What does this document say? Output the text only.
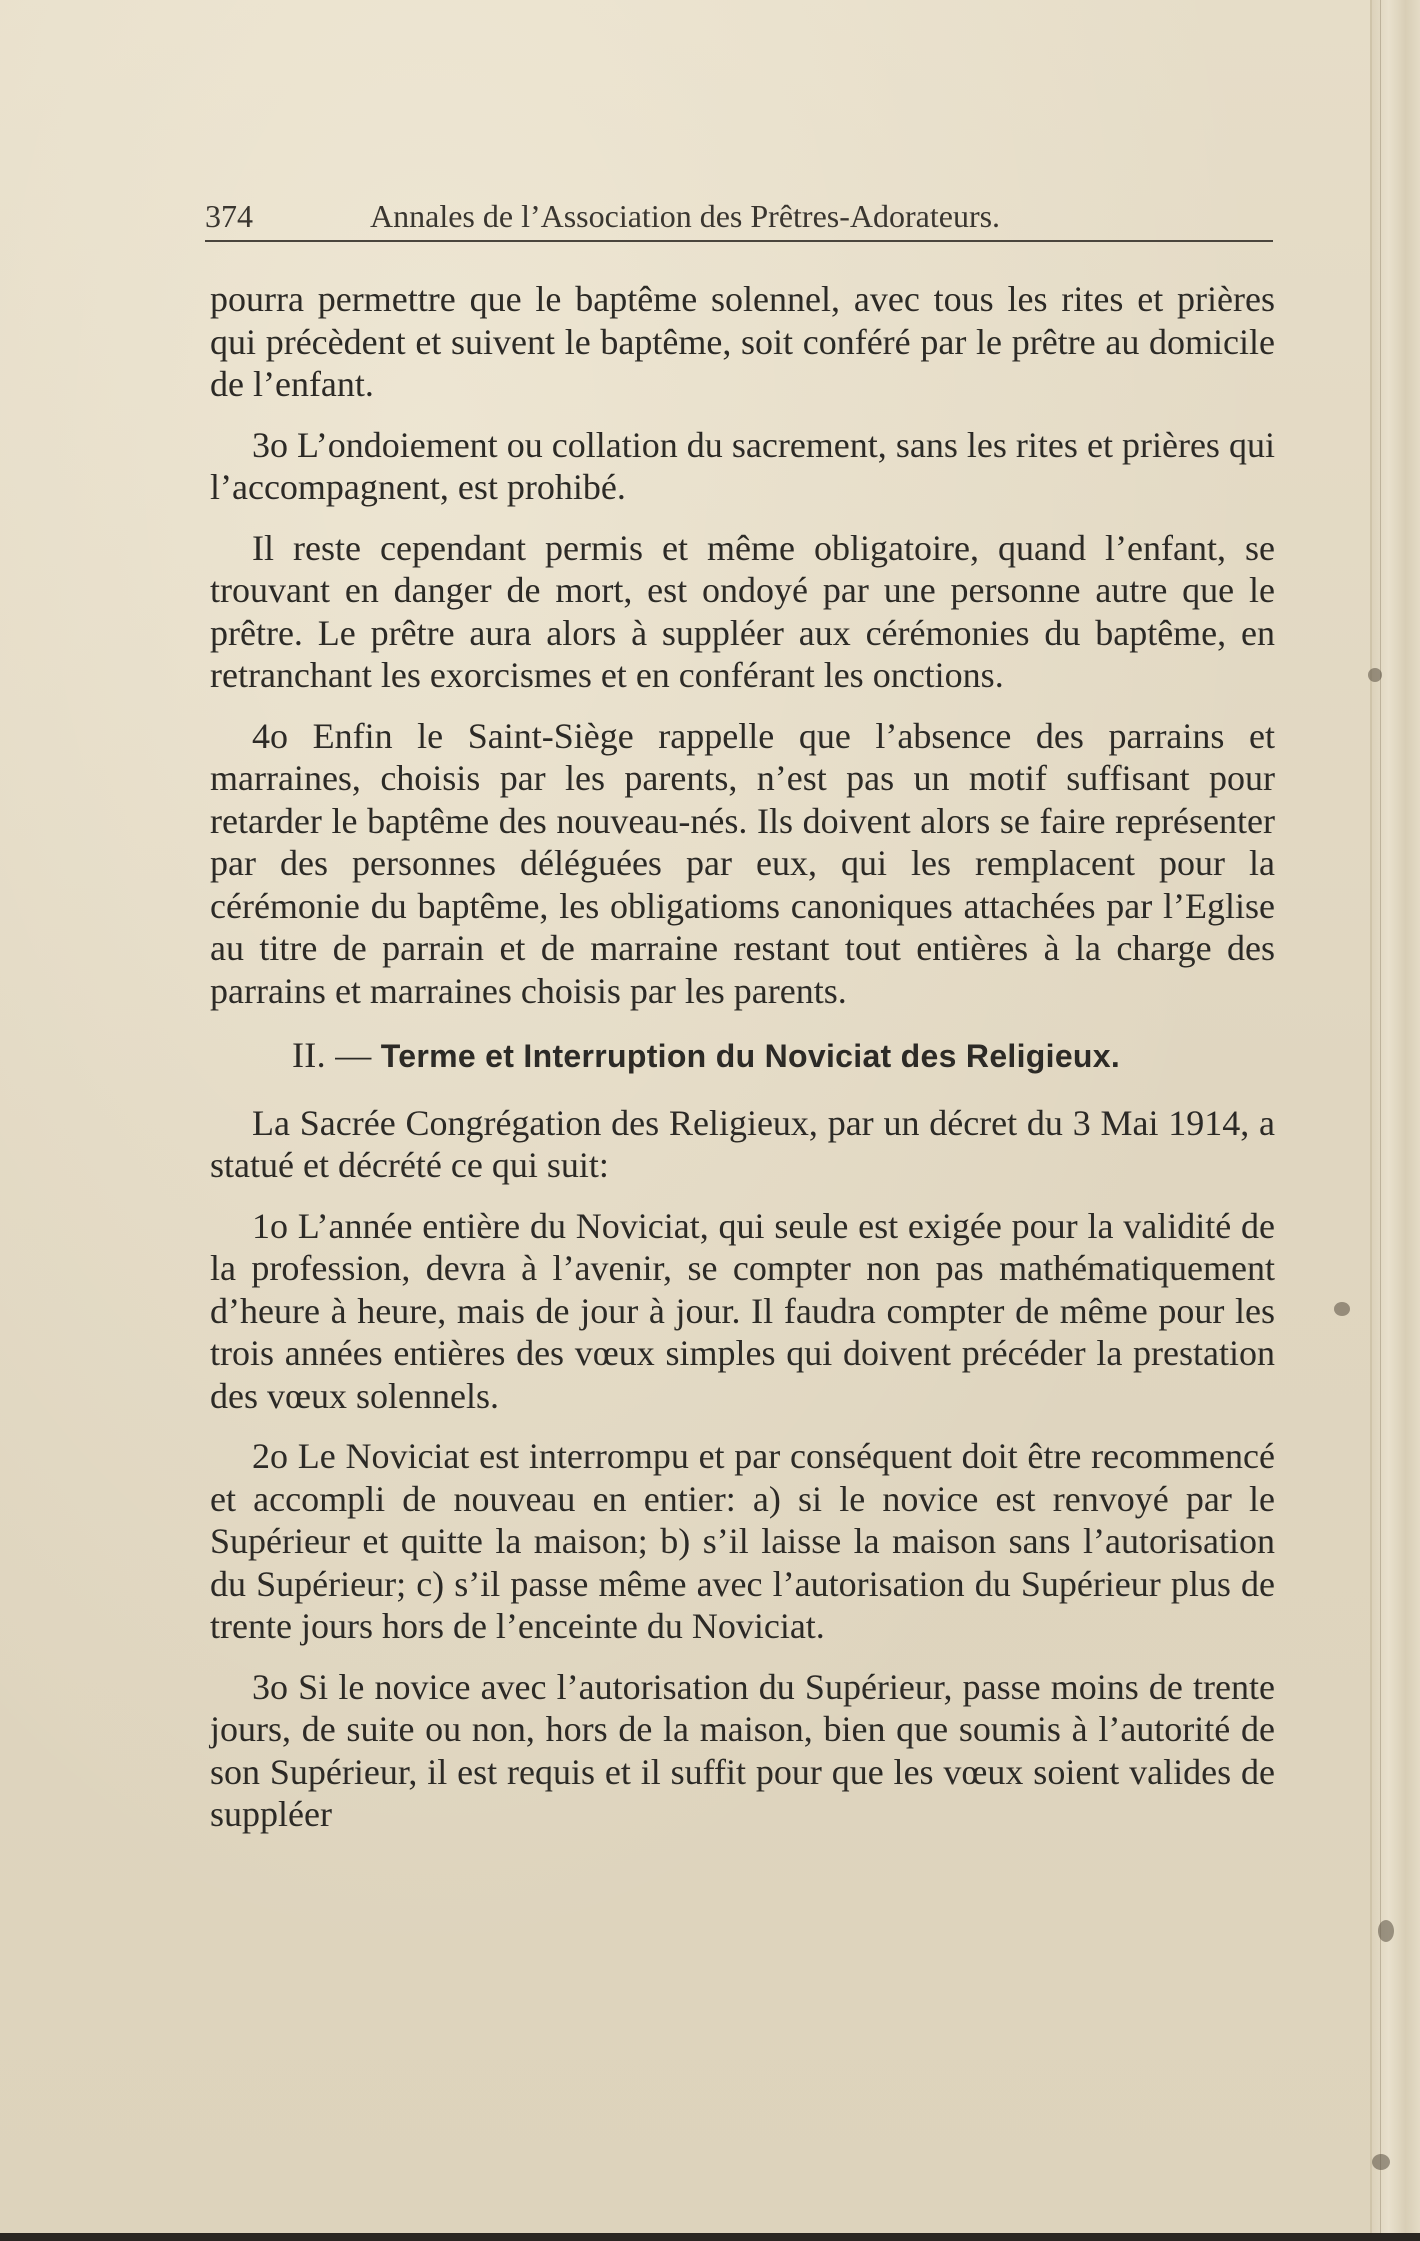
374	Annales de l’Association des Prêtres-Adorateurs.

pourra permettre que le baptême solennel, avec tous les rites et prières qui précèdent et suivent le baptême, soit conféré par le prêtre au domicile de l’enfant.

3o L’ondoiement ou collation du sacrement, sans les rites et prières qui l’accompagnent, est prohibé.

Il reste cependant permis et même obligatoire, quand l’enfant, se trouvant en danger de mort, est ondoyé par une personne autre que le prêtre. Le prêtre aura alors à suppléer aux cérémonies du baptême, en retranchant les exorcismes et en conférant les onctions.

4o Enfin le Saint-Siège rappelle que l’absence des parrains et marraines, choisis par les parents, n’est pas un motif suffisant pour retarder le baptême des nouveau-nés. Ils doivent alors se faire représenter par des personnes déléguées par eux, qui les remplacent pour la cérémonie du baptême, les obligatioms canoniques attachées par l’Eglise au titre de parrain et de marraine restant tout entières à la charge des parrains et marraines choisis par les parents.

II. — Terme et Interruption du Noviciat des Religieux.

La Sacrée Congrégation des Religieux, par un décret du 3 Mai 1914, a statué et décrété ce qui suit:

1o L’année entière du Noviciat, qui seule est exigée pour la validité de la profession, devra à l’avenir, se compter non pas mathématiquement d’heure à heure, mais de jour à jour. Il faudra compter de même pour les trois années entières des vœux simples qui doivent précéder la prestation des vœux solennels.

2o Le Noviciat est interrompu et par conséquent doit être recommencé et accompli de nouveau en entier: a) si le novice est renvoyé par le Supérieur et quitte la maison; b) s’il laisse la maison sans l’autorisation du Supérieur; c) s’il passe même avec l’autorisation du Supérieur plus de trente jours hors de l’enceinte du Noviciat.

3o Si le novice avec l’autorisation du Supérieur, passe moins de trente jours, de suite ou non, hors de la maison, bien que soumis à l’autorité de son Supérieur, il est requis et il suffit pour que les vœux soient valides de suppléer
